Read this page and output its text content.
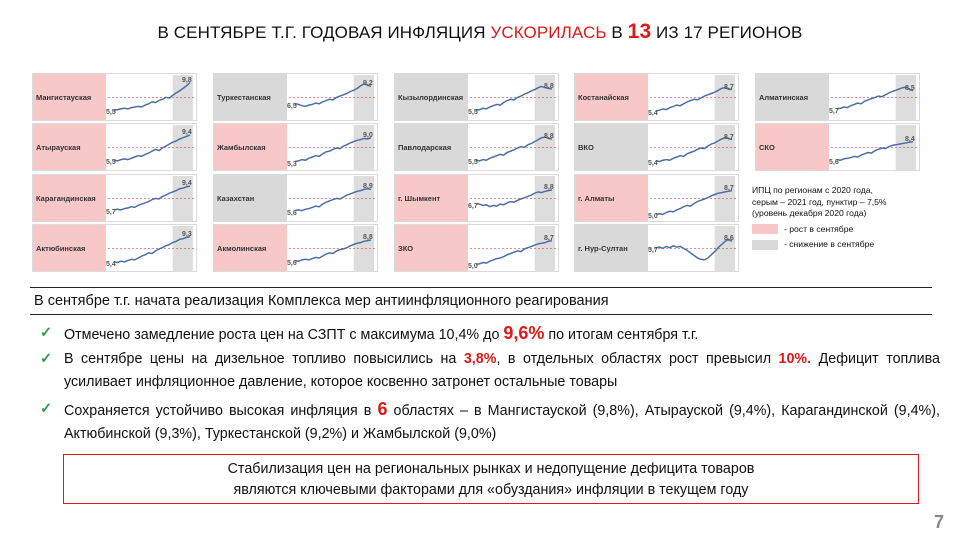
В СЕНТЯБРЕ Т.Г. ГОДОВАЯ ИНФЛЯЦИЯ УСКОРИЛАСЬ В 13 ИЗ 17 РЕГИОНОВ
Мангистауская
5,5
9,8
Атырауская
5,5
9,4
Карагандинская
5,7
9,4
Актюбинская
5,4
9,3
Туркестанская
6,5
9,2
Жамбылская
5,3
9,0
Казахстан
5,6
8,9
Акмолинская
5,6
8,8
Кызылординская
5,5
8,8
Павлодарская
5,5
8,8
г. Шымкент
6,7
8,8
ЗКО
5,0
8,7
Костанайская
5,4
8,7
ВКО
5,4
8,7
г. Алматы
5,0
8,7
г. Нур-Султан	5,7
8,6
Алматинская
5,7
8,5
СКО
5,6
8,4
ИПЦ по регионам с 2020 года,
серым – 2021 год, пунктир – 7,5%
(уровень декабря 2020 года)
- рост в сентябре
- снижение в сентябре
В сентябре т.г. начата реализация Комплекса мер антиинфляционного реагирования
✓ Отмечено замедление роста цен на СЗПТ с максимума 10,4% до 9,6% по итогам сентября т.г.
✓ В сентябре цены на дизельное топливо повысились на 3,8%, в отдельных областях рост превысил 10%. Дефицит топлива усиливает инфляционное давление, которое косвенно затронет остальные товары
✓ Сохраняется устойчиво высокая инфляция в 6 областях – в Мангистауской (9,8%), Атырауской (9,4%), Карагандинской (9,4%), Актюбинской (9,3%), Туркестанской (9,2%) и Жамбылской (9,0%)
Стабилизация цен на региональных рынках и недопущение дефицита товаров
являются ключевыми факторами для «обуздания» инфляции в текущем году
7
